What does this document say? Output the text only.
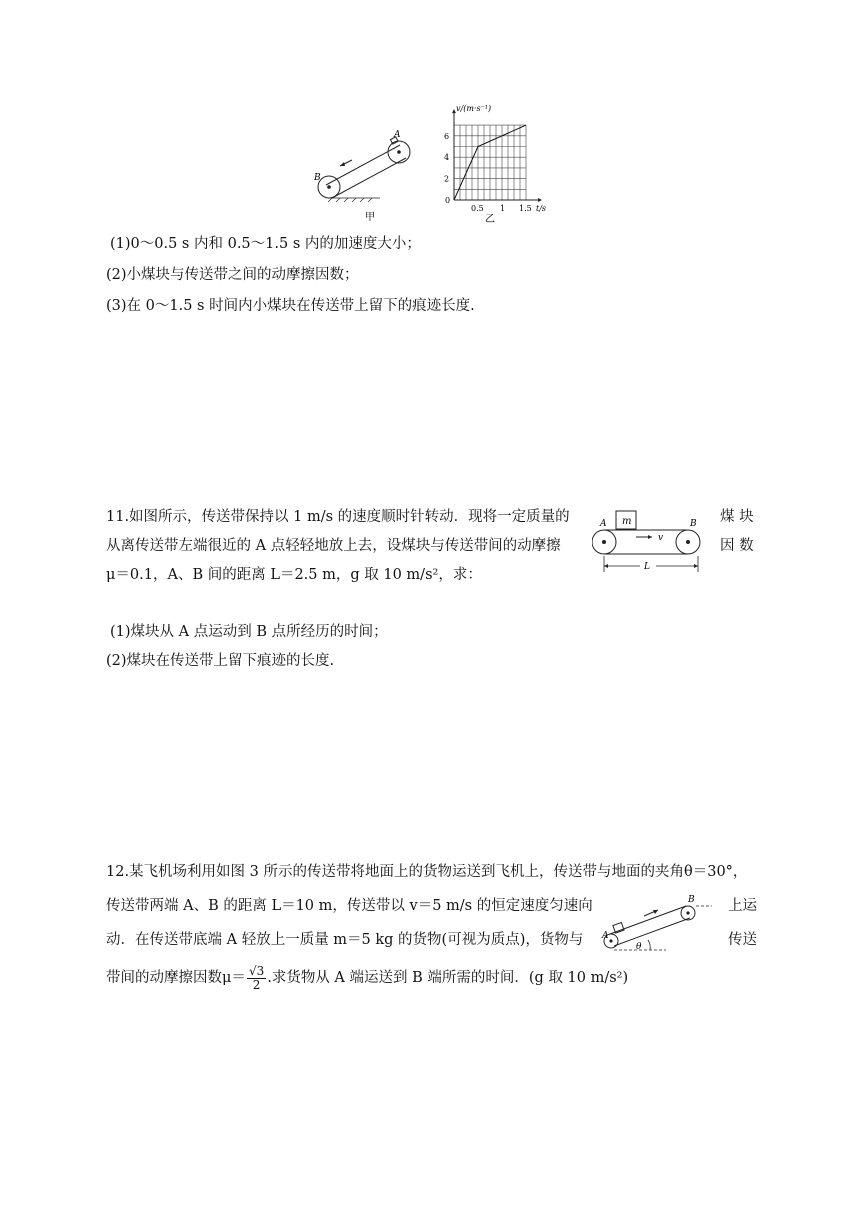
A
B
甲
2
4
6
0.5 1 1.5
0
v/(m·s⁻¹)
t/s
乙
(1)0～0.5 s 内和 0.5～1.5 s 内的加速度大小；
(2)小煤块与传送带之间的动摩擦因数；
(3)在 0～1.5 s 时间内小煤块在传送带上留下的痕迹长度.
11.如图所示，传送带保持以 1 m/s 的速度顺时针转动．现将一定质量的	煤 块
从离传送带左端很近的 A 点轻轻地放上去，设煤块与传送带间的动摩擦	因 数
μ＝0.1，A、B 间的距离 L＝2.5 m，g 取 10 m/s²，求：
m
v
A	B
L
(1)煤块从 A 点运动到 B 点所经历的时间；
(2)煤块在传送带上留下痕迹的长度.
12.某飞机场利用如图 3 所示的传送带将地面上的货物运送到飞机上，传送带与地面的夹角θ＝30°，
传送带两端 A、B 的距离 L＝10 m，传送带以 v＝5 m/s 的恒定速度匀速向	上运
动．在传送带底端 A 轻放上一质量 m＝5 kg 的货物(可视为质点)，货物与	传送
带间的动摩擦因数$\mu= \frac{√3}{2}$ .求货物从 A 端运送到 B 端所需的时间．(g 取 10 m/s²)
θ
A
B
